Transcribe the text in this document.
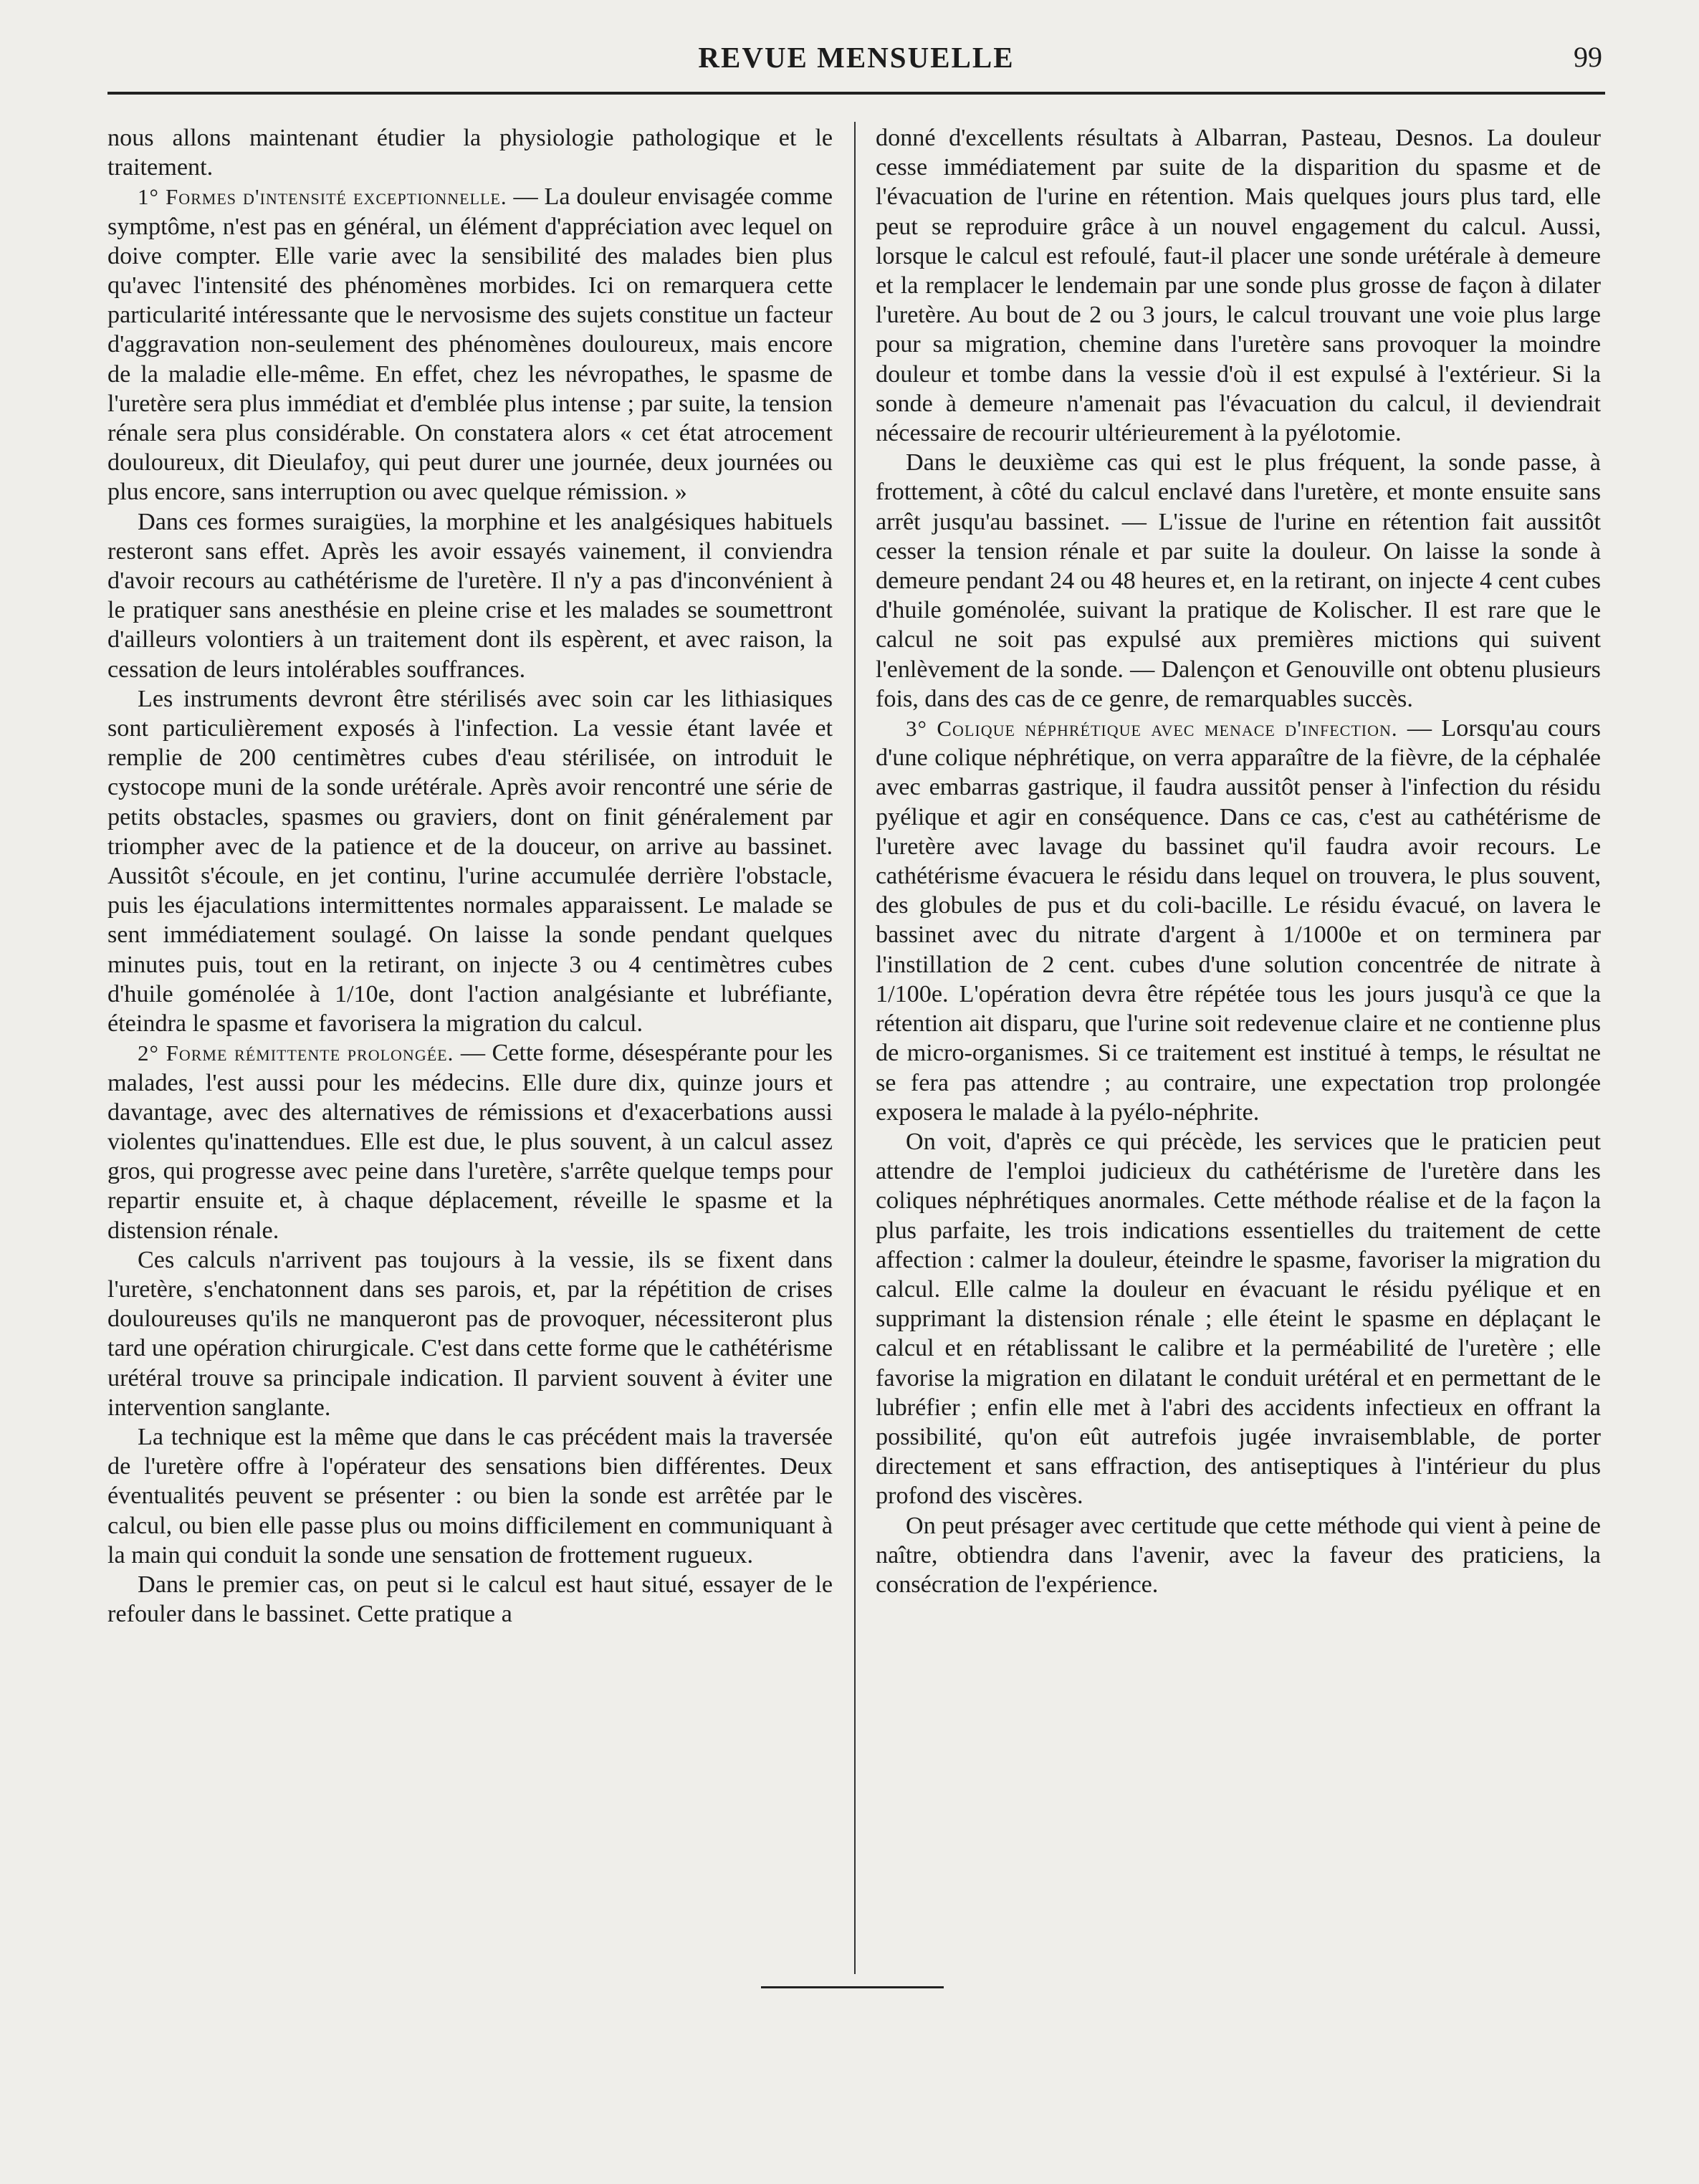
REVUE MENSUELLE	99

nous allons maintenant étudier la physiologie pathologique et le traitement.

1° Formes d'intensité exceptionnelle. — La douleur envisagée comme symptôme, n'est pas en général, un élément d'appréciation avec lequel on doive compter. Elle varie avec la sensibilité des malades bien plus qu'avec l'intensité des phénomènes morbides. Ici on remarquera cette particularité intéressante que le nervosisme des sujets constitue un facteur d'aggravation non-seulement des phénomènes douloureux, mais encore de la maladie elle-même. En effet, chez les névropathes, le spasme de l'uretère sera plus immédiat et d'emblée plus intense ; par suite, la tension rénale sera plus considérable. On constatera alors « cet état atrocement douloureux, dit Dieulafoy, qui peut durer une journée, deux journées ou plus encore, sans interruption ou avec quelque rémission. »

Dans ces formes suraigües, la morphine et les analgésiques habituels resteront sans effet. Après les avoir essayés vainement, il conviendra d'avoir recours au cathétérisme de l'uretère. Il n'y a pas d'inconvénient à le pratiquer sans anesthésie en pleine crise et les malades se soumettront d'ailleurs volontiers à un traitement dont ils espèrent, et avec raison, la cessation de leurs intolérables souffrances.

Les instruments devront être stérilisés avec soin car les lithiasiques sont particulièrement exposés à l'infection. La vessie étant lavée et remplie de 200 centimètres cubes d'eau stérilisée, on introduit le cystocope muni de la sonde urétérale. Après avoir rencontré une série de petits obstacles, spasmes ou graviers, dont on finit généralement par triompher avec de la patience et de la douceur, on arrive au bassinet. Aussitôt s'écoule, en jet continu, l'urine accumulée derrière l'obstacle, puis les éjaculations intermittentes normales apparaissent. Le malade se sent immédiatement soulagé. On laisse la sonde pendant quelques minutes puis, tout en la retirant, on injecte 3 ou 4 centimètres cubes d'huile goménolée à 1/10e, dont l'action analgésiante et lubréfiante, éteindra le spasme et favorisera la migration du calcul.

2° Forme rémittente prolongée. — Cette forme, désespérante pour les malades, l'est aussi pour les médecins. Elle dure dix, quinze jours et davantage, avec des alternatives de rémissions et d'exacerbations aussi violentes qu'inattendues. Elle est due, le plus souvent, à un calcul assez gros, qui progresse avec peine dans l'uretère, s'arrête quelque temps pour repartir ensuite et, à chaque déplacement, réveille le spasme et la distension rénale.

Ces calculs n'arrivent pas toujours à la vessie, ils se fixent dans l'uretère, s'enchatonnent dans ses parois, et, par la répétition de crises douloureuses qu'ils ne manqueront pas de provoquer, nécessiteront plus tard une opération chirurgicale. C'est dans cette forme que le cathétérisme urétéral trouve sa principale indication. Il parvient souvent à éviter une intervention sanglante.

La technique est la même que dans le cas précédent mais la traversée de l'uretère offre à l'opérateur des sensations bien différentes. Deux éventualités peuvent se présenter : ou bien la sonde est arrêtée par le calcul, ou bien elle passe plus ou moins difficilement en communiquant à la main qui conduit la sonde une sensation de frottement rugueux.

Dans le premier cas, on peut si le calcul est haut situé, essayer de le refouler dans le bassinet. Cette pratique a

donné d'excellents résultats à Albarran, Pasteau, Desnos. La douleur cesse immédiatement par suite de la disparition du spasme et de l'évacuation de l'urine en rétention. Mais quelques jours plus tard, elle peut se reproduire grâce à un nouvel engagement du calcul. Aussi, lorsque le calcul est refoulé, faut-il placer une sonde urétérale à demeure et la remplacer le lendemain par une sonde plus grosse de façon à dilater l'uretère. Au bout de 2 ou 3 jours, le calcul trouvant une voie plus large pour sa migration, chemine dans l'uretère sans provoquer la moindre douleur et tombe dans la vessie d'où il est expulsé à l'extérieur. Si la sonde à demeure n'amenait pas l'évacuation du calcul, il deviendrait nécessaire de recourir ultérieurement à la pyélotomie.

Dans le deuxième cas qui est le plus fréquent, la sonde passe, à frottement, à côté du calcul enclavé dans l'uretère, et monte ensuite sans arrêt jusqu'au bassinet. — L'issue de l'urine en rétention fait aussitôt cesser la tension rénale et par suite la douleur. On laisse la sonde à demeure pendant 24 ou 48 heures et, en la retirant, on injecte 4 cent cubes d'huile goménolée, suivant la pratique de Kolischer. Il est rare que le calcul ne soit pas expulsé aux premières mictions qui suivent l'enlèvement de la sonde. — Dalençon et Genouville ont obtenu plusieurs fois, dans des cas de ce genre, de remarquables succès.

3° Colique néphrétique avec menace d'infection. — Lorsqu'au cours d'une colique néphrétique, on verra apparaître de la fièvre, de la céphalée avec embarras gastrique, il faudra aussitôt penser à l'infection du résidu pyélique et agir en conséquence. Dans ce cas, c'est au cathétérisme de l'uretère avec lavage du bassinet qu'il faudra avoir recours. Le cathétérisme évacuera le résidu dans lequel on trouvera, le plus souvent, des globules de pus et du coli-bacille. Le résidu évacué, on lavera le bassinet avec du nitrate d'argent à 1/1000e et on terminera par l'instillation de 2 cent. cubes d'une solution concentrée de nitrate à 1/100e. L'opération devra être répétée tous les jours jusqu'à ce que la rétention ait disparu, que l'urine soit redevenue claire et ne contienne plus de micro-organismes. Si ce traitement est institué à temps, le résultat ne se fera pas attendre ; au contraire, une expectation trop prolongée exposera le malade à la pyélo-néphrite.

On voit, d'après ce qui précède, les services que le praticien peut attendre de l'emploi judicieux du cathétérisme de l'uretère dans les coliques néphrétiques anormales. Cette méthode réalise et de la façon la plus parfaite, les trois indications essentielles du traitement de cette affection : calmer la douleur, éteindre le spasme, favoriser la migration du calcul. Elle calme la douleur en évacuant le résidu pyélique et en supprimant la distension rénale ; elle éteint le spasme en déplaçant le calcul et en rétablissant le calibre et la perméabilité de l'uretère ; elle favorise la migration en dilatant le conduit urétéral et en permettant de le lubréfier ; enfin elle met à l'abri des accidents infectieux en offrant la possibilité, qu'on eût autrefois jugée invraisemblable, de porter directement et sans effraction, des antiseptiques à l'intérieur du plus profond des viscères.

On peut présager avec certitude que cette méthode qui vient à peine de naître, obtiendra dans l'avenir, avec la faveur des praticiens, la consécration de l'expérience.
